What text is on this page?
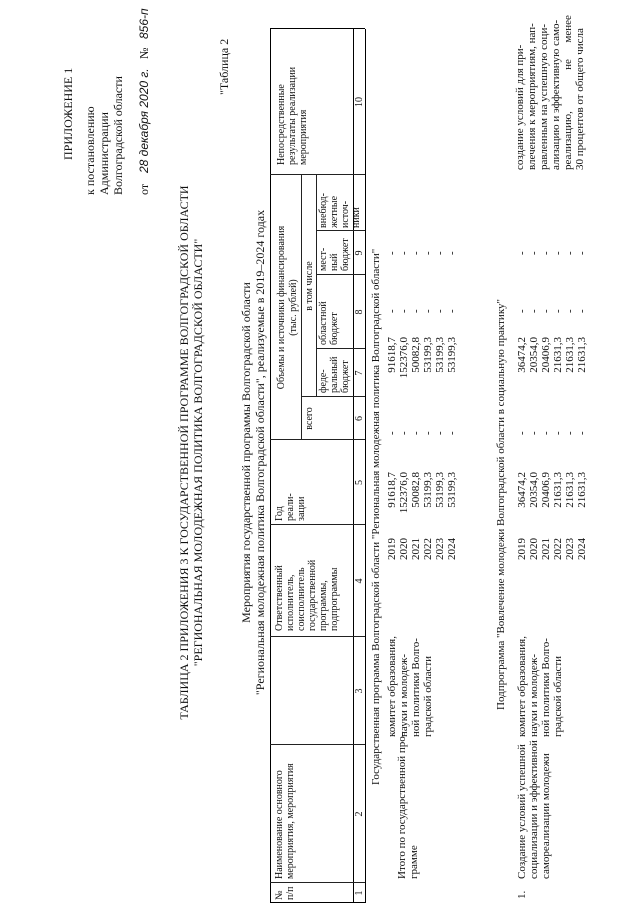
ПРИЛОЖЕНИЕ 1 к постановлению Администрации Волгоградской области от
28 декабря 2020 г.
№
856-п
ТАБЛИЦА 2 ПРИЛОЖЕНИЯ 3 К ГОСУДАРСТВЕННОЙ ПРОГРАММЕ ВОЛГОГРАДСКОЙ ОБЛАСТИ "РЕГИОНАЛЬНАЯ МОЛОДЕЖНАЯ ПОЛИТИКА ВОЛГОГРАДСКОЙ ОБЛАСТИ"
"Таблица 2
Мероприятия государственной программы Волгоградской области "Региональная молодежная политика Волгоградской области", реализуемые в 2019–2024 годах
№
п/п
Наименование основного
мероприятия, мероприятия
Ответственный
исполнитель,
соисполнитель
государственной
программы,
подпрограммы
Год
реали-
зации
Объемы и источники финансирования (тыс. рублей)
всего
в том числе
феде-
ральный
бюджет
областной
бюджет
мест-
ный
бюджет
внебюд-
жетные
источ-
ники
Непосредственные
результаты реализации
мероприятия
1
2
3
4
5
6
7
8
9
10
Государственная программа Волгоградской области "Региональная молодежная политика Волгоградской области"
Итого по государственной про-
грамме
комитет образования,
науки и молодеж-
ной политики Волго-
градской области
2019 2020 2021 2022 2023 2024
91618,7 152376,0 50082,8 53199,3 53199,3 53199,3
- - - - - -
91618,7 152376,0 50082,8 53199,3 53199,3 53199,3
- - - - - -
- - - - - -
Подпрограмма "Вовлечение молодежи Волгоградской области в социальную практику"
1.
Создание условий успешной
социализации и эффективной
самореализации молодежи
комитет образования,
науки и молодеж-
ной политики Волго-
градской области
2019 2020 2021 2022 2023 2024
36474,2 20354,0 20406,9 21631,3 21631,3 21631,3
- - - - - -
36474,2 20354,0 20406,9 21631,3 21631,3 21631,3
- - - - - -
- - - - - -
создание условий для при-
влечения к мероприятиям, нап-
равленным на успешную соци-
ализацию и эффективную само-
реализацию,               не      менее
30 процентов от общего числа
